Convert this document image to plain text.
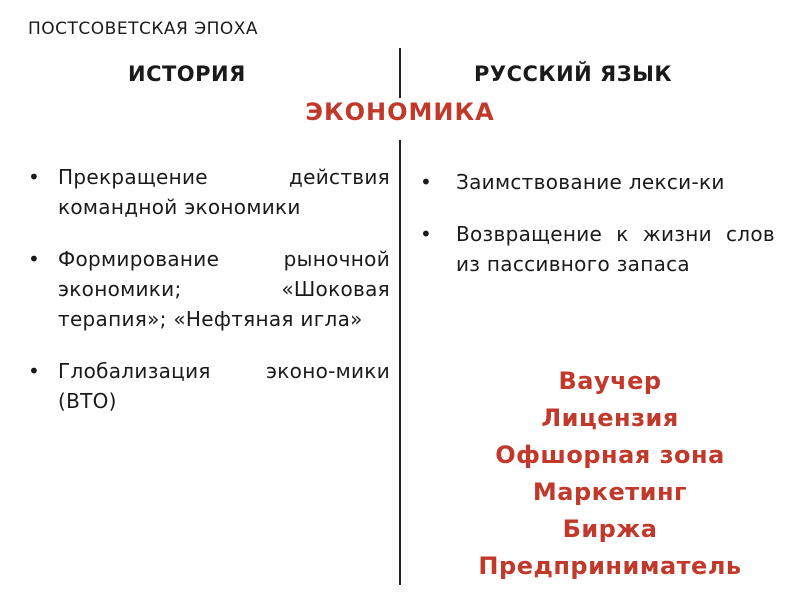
ПОСТСОВЕТСКАЯ ЭПОХА
ИСТОРИЯ	РУССКИЙ ЯЗЫК
ЭКОНОМИКА
• Прекращение действия командной экономики
• Формирование рыночной экономики; «Шоковая терапия»; «Нефтяная игла»
• Глобализация эконо-мики (ВТО)
• Заимствование лекси-ки
• Возвращение к жизни слов из пассивного запаса
Ваучер
Лицензия
Офшорная зона
Маркетинг
Биржа
Предприниматель
